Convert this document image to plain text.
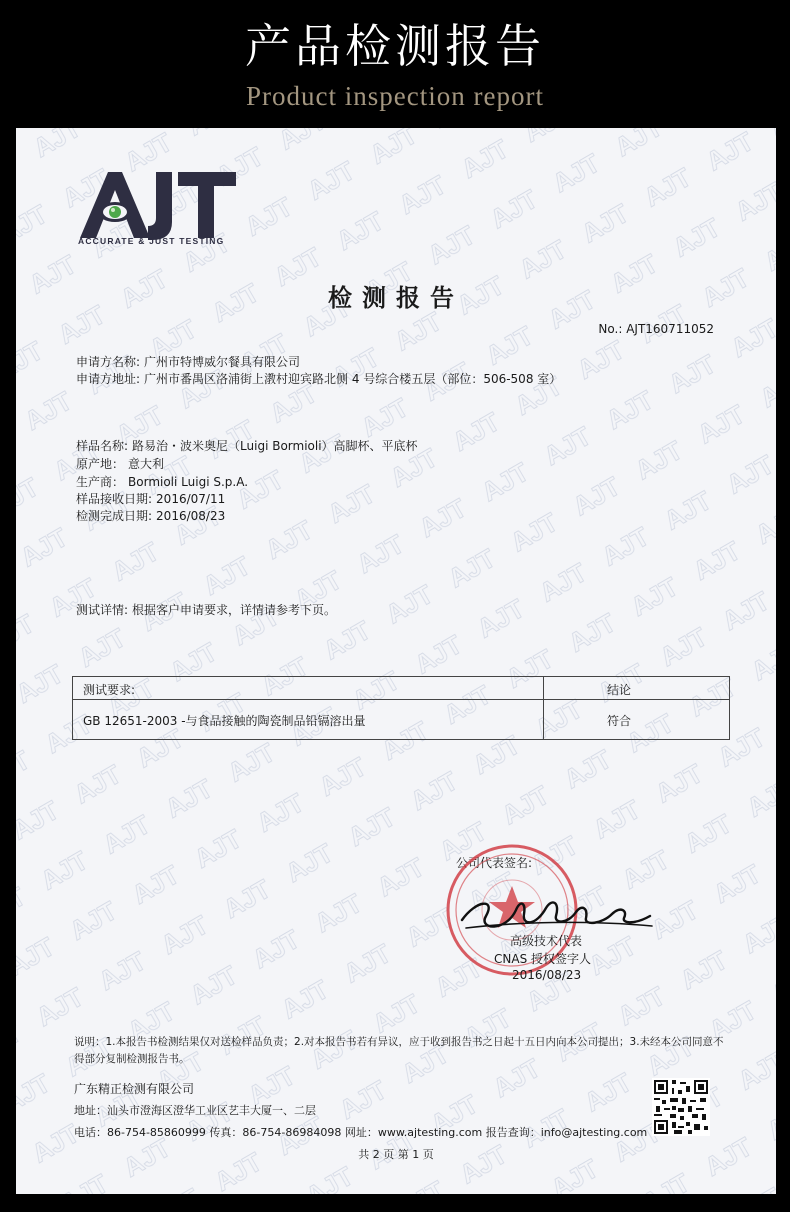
产品检测报告
Product inspection report
ACCURATE & JUST TESTING
检测报告
No.: AJT160711052
申请方名称: 广州市特博威尔餐具有限公司
申请方地址: 广州市番禺区洛浦街上漖村迎宾路北侧 4 号综合楼五层（部位：506-508 室）
样品名称: 路易治・波米奥尼（Luigi Bormioli）高脚杯、平底杯
原产地： 意大利
生产商： Bormioli Luigi S.p.A.
样品接收日期: 2016/07/11
检测完成日期: 2016/08/23
测试详情: 根据客户申请要求，详情请参考下页。
测试要求:	结论
GB 12651-2003 -与食品接触的陶瓷制品铅镉溶出量	符合
公司代表签名:
高级技术代表
CNAS 授权签字人
2016/08/23
说明：1.本报告书检测结果仅对送检样品负责；2.对本报告书若有异议，应于收到报告书之日起十五日内向本公司提出；3.未经本公司同意不得部分复制检测报告书。
广东精正检测有限公司
地址：汕头市澄海区澄华工业区艺丰大厦一、二层
电话：86-754-85860999 传真：86-754-86984098 网址：www.ajtesting.com 报告查询：info@ajtesting.com
共 2 页 第 1 页
